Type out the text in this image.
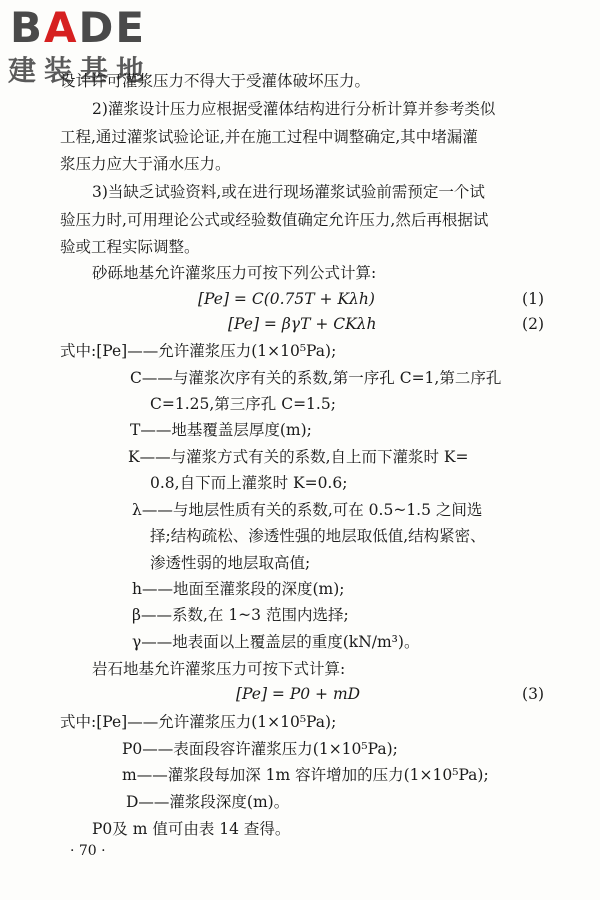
BADE
建装基地
设计许可灌浆压力不得大于受灌体破坏压力。
2)灌浆设计压力应根据受灌体结构进行分析计算并参考类似
工程,通过灌浆试验论证,并在施工过程中调整确定,其中堵漏灌
浆压力应大于涌水压力。
3)当缺乏试验资料,或在进行现场灌浆试验前需预定一个试
验压力时,可用理论公式或经验数值确定允许压力,然后再根据试
验或工程实际调整。
砂砾地基允许灌浆压力可按下列公式计算:
[Pe] = C(0.75T + Kλh)	(1)
[Pe] = βγT + CKλh	(2)
式中:[Pe]——允许灌浆压力(1×10⁵Pa);
C——与灌浆次序有关的系数,第一序孔 C=1,第二序孔
C=1.25,第三序孔 C=1.5;
T——地基覆盖层厚度(m);
K——与灌浆方式有关的系数,自上而下灌浆时 K=
0.8,自下而上灌浆时 K=0.6;
λ——与地层性质有关的系数,可在 0.5~1.5 之间选
择;结构疏松、渗透性强的地层取低值,结构紧密、
渗透性弱的地层取高值;
h——地面至灌浆段的深度(m);
β——系数,在 1~3 范围内选择;
γ——地表面以上覆盖层的重度(kN/m³)。
岩石地基允许灌浆压力可按下式计算:
[Pe] = P0 + mD	(3)
式中:[Pe]——允许灌浆压力(1×10⁵Pa);
P0——表面段容许灌浆压力(1×10⁵Pa);
m——灌浆段每加深 1m 容许增加的压力(1×10⁵Pa);
D——灌浆段深度(m)。
P0及 m 值可由表 14 查得。
· 70 ·
